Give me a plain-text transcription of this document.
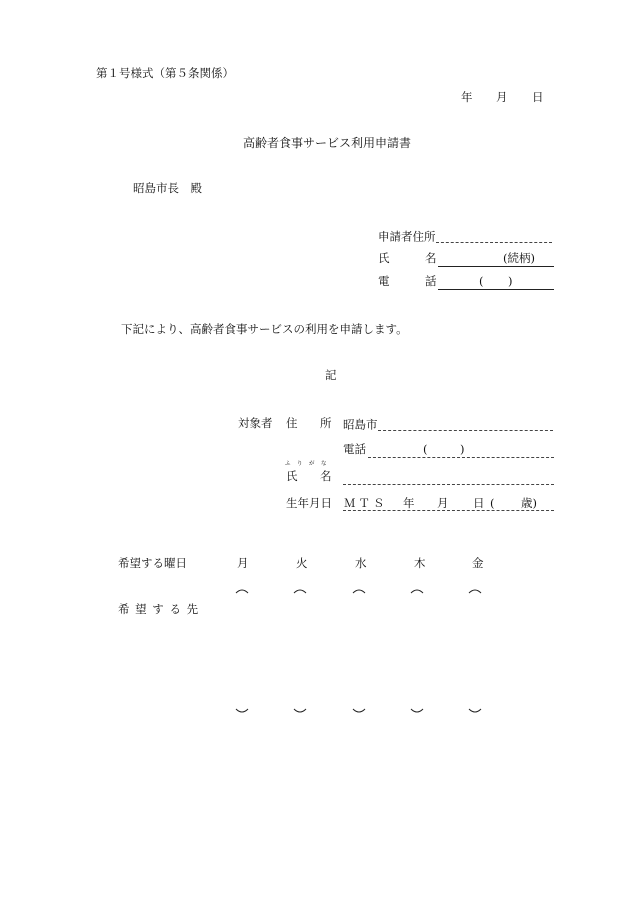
第１号様式（第５条関係）
年 月 日
高齢者食事サービス利用申請書
昭島市長　殿
申請者住所
氏	名	(続柄)
電	話	( )
下記により、高齢者食事サービスの利用を申請します。
記
対象者 住 所 昭島市
電話	(	)
ふ　り　が　な
氏 名
生年月日 ＭＴＳ 年 月 日 ( 歳)
希望する曜日	月	火	水	木	金
希 望 す る 先
